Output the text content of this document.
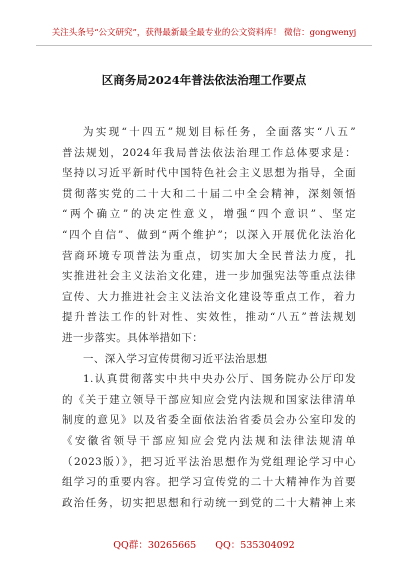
关注头条号“公文研究”，获得最新最全最专业的公文资料库！ 微信：gongwenyj
区商务局2024年普法依法治理工作要点
为实现“十四五”规划目标任务，全面落实“八五”
普法规划，2024年我局普法依法治理工作总体要求是：
坚持以习近平新时代中国特色社会主义思想为指导，全面
贯彻落实党的二十大和二十届二中全会精神，深刻领悟
“两个确立”的决定性意义，增强“四个意识”、坚定
“四个自信”、做到“两个维护”；以深入开展优化法治化
营商环境专项普法为重点，切实加大全民普法力度，扎
实推进社会主义法治文化建，进一步加强宪法等重点法律
宣传、大力推进社会主义法治文化建设等重点工作，着力
提升普法工作的针对性、实效性，推动“八五”普法规划
进一步落实。具体举措如下：
一、深入学习宣传贯彻习近平法治思想
1.认真贯彻落实中共中央办公厅、国务院办公厅印发
的《关于建立领导干部应知应会党内法规和国家法律清单
制度的意见》以及省委全面依法治省委员会办公室印发的
《安徽省领导干部应知应会党内法规和法律法规清单
（2023版）》，把习近平法治思想作为党组理论学习中心
组学习的重要内容。把学习宣传党的二十大精神作为首要
政治任务，切实把思想和行动统一到党的二十大精神上来
QQ群：30265665 QQ：535304092
